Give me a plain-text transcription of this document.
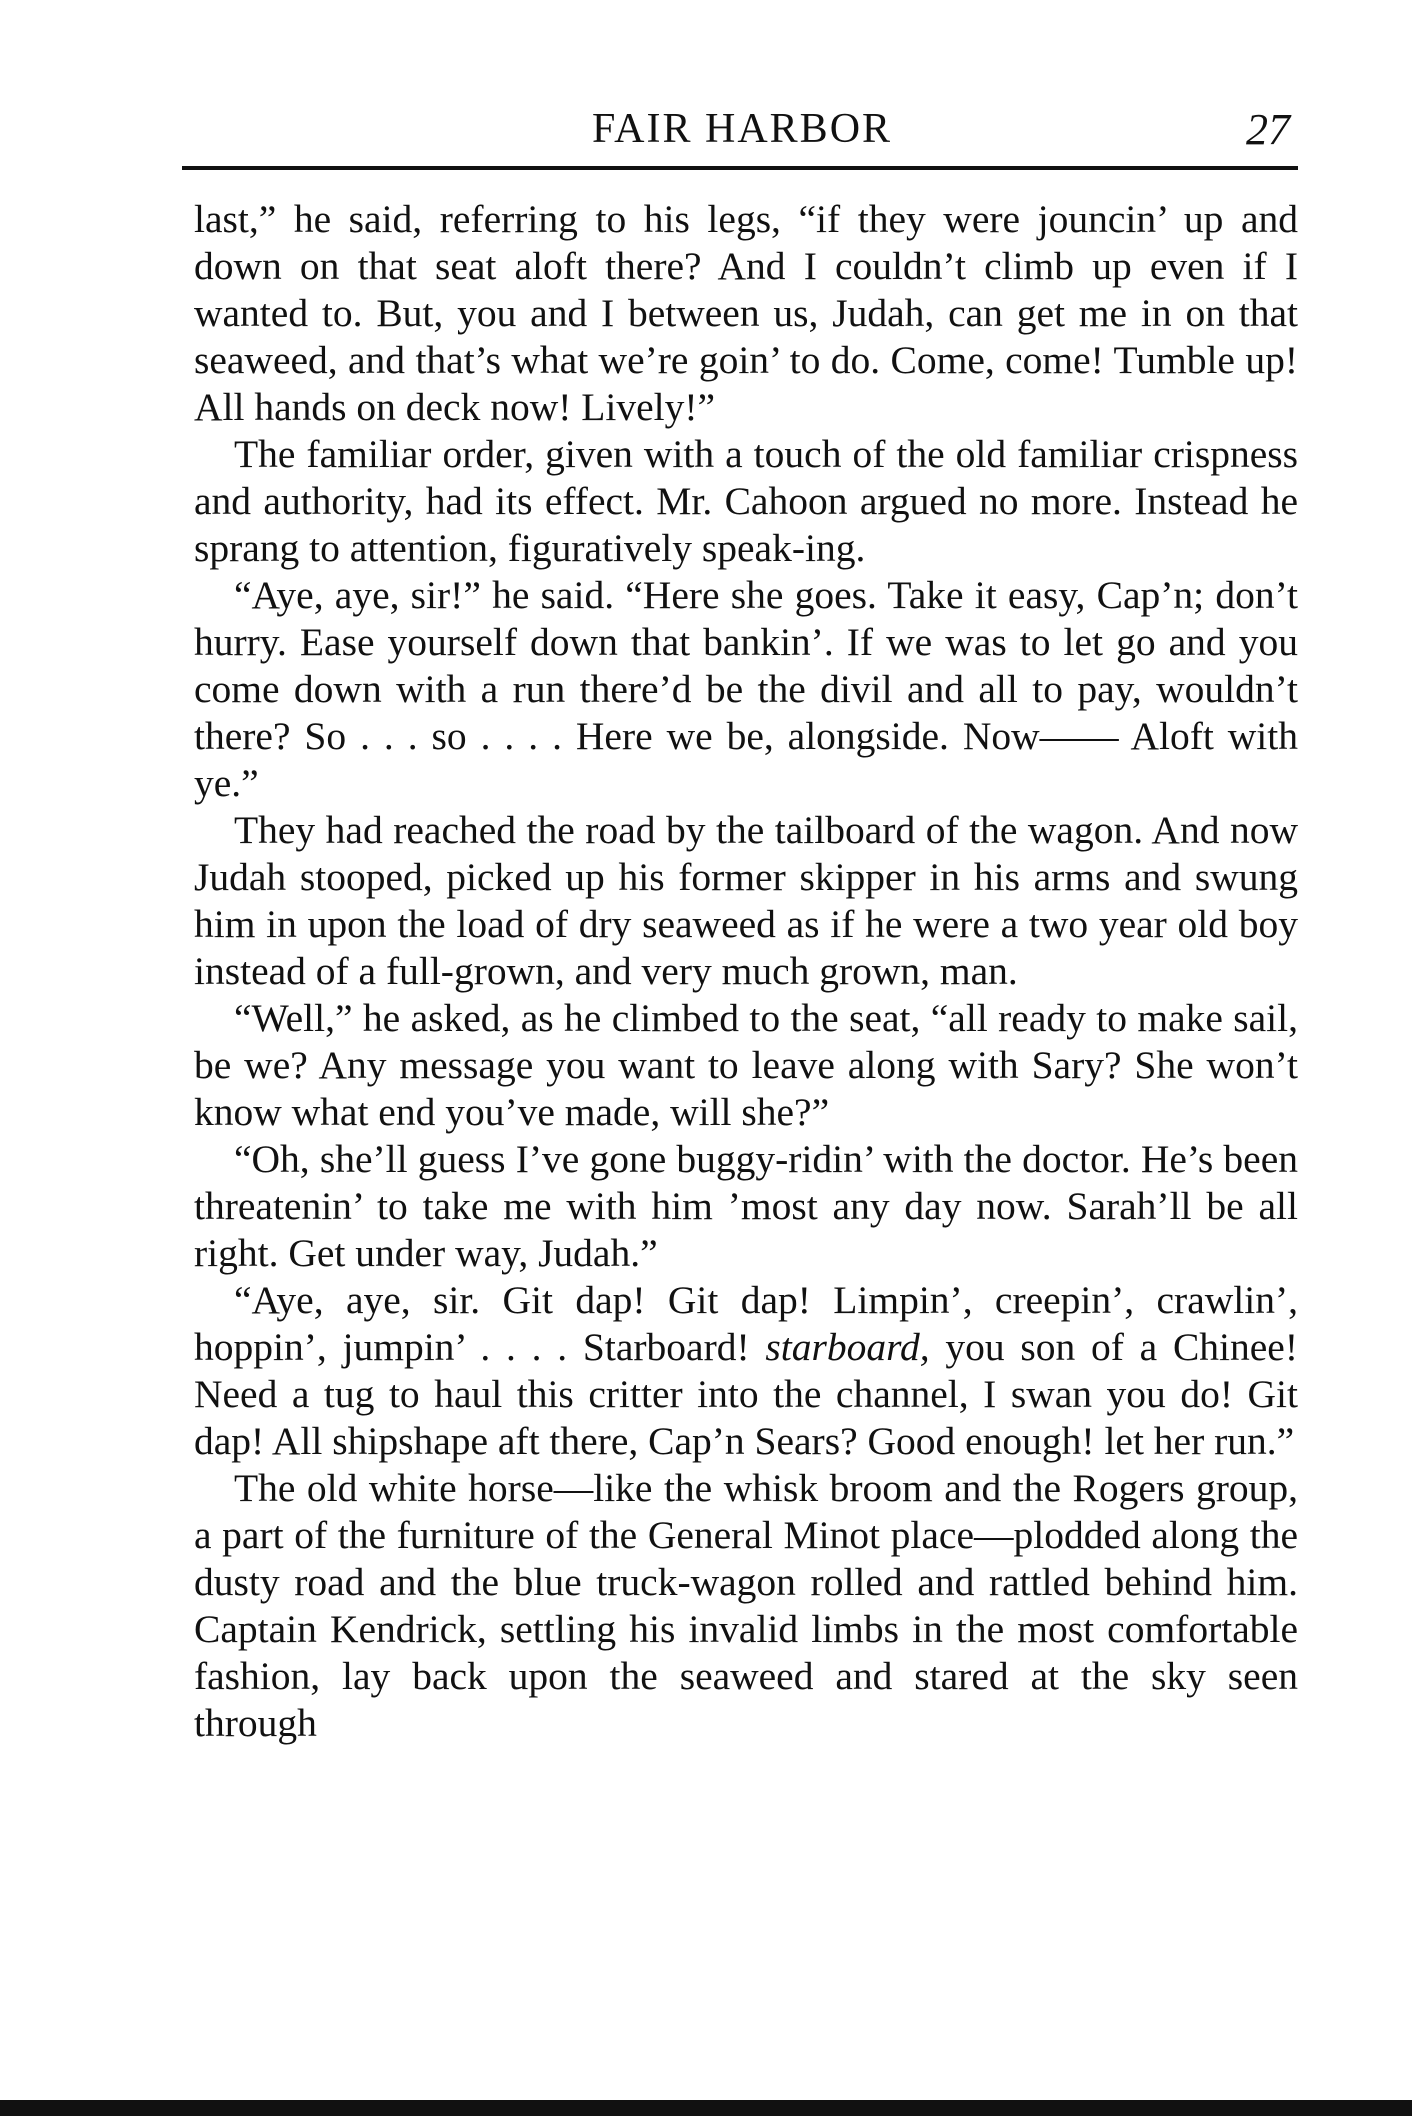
FAIR HARBOR	27

last,” he said, referring to his legs, “if they were jouncin’ up and down on that seat aloft there? And I couldn’t climb up even if I wanted to. But, you and I between us, Judah, can get me in on that seaweed, and that’s what we’re goin’ to do. Come, come! Tumble up! All hands on deck now! Lively!”

The familiar order, given with a touch of the old familiar crispness and authority, had its effect. Mr. Cahoon argued no more. Instead he sprang to attention, figuratively speak-ing.

“Aye, aye, sir!” he said. “Here she goes. Take it easy, Cap’n; don’t hurry. Ease yourself down that bankin’. If we was to let go and you come down with a run there’d be the divil and all to pay, wouldn’t there? So . . . so . . . . Here we be, alongside. Now—— Aloft with ye.”

They had reached the road by the tailboard of the wagon. And now Judah stooped, picked up his former skipper in his arms and swung him in upon the load of dry seaweed as if he were a two year old boy instead of a full-grown, and very much grown, man.

“Well,” he asked, as he climbed to the seat, “all ready to make sail, be we? Any message you want to leave along with Sary? She won’t know what end you’ve made, will she?”

“Oh, she’ll guess I’ve gone buggy-ridin’ with the doctor. He’s been threatenin’ to take me with him ’most any day now. Sarah’ll be all right. Get under way, Judah.”

“Aye, aye, sir. Git dap! Git dap! Limpin’, creepin’, crawlin’, hoppin’, jumpin’ . . . . Starboard! starboard, you son of a Chinee! Need a tug to haul this critter into the channel, I swan you do! Git dap! All shipshape aft there, Cap’n Sears? Good enough! let her run.”

The old white horse—like the whisk broom and the Rogers group, a part of the furniture of the General Minot place—plodded along the dusty road and the blue truck-wagon rolled and rattled behind him. Captain Kendrick, settling his invalid limbs in the most comfortable fashion, lay back upon the seaweed and stared at the sky seen through
